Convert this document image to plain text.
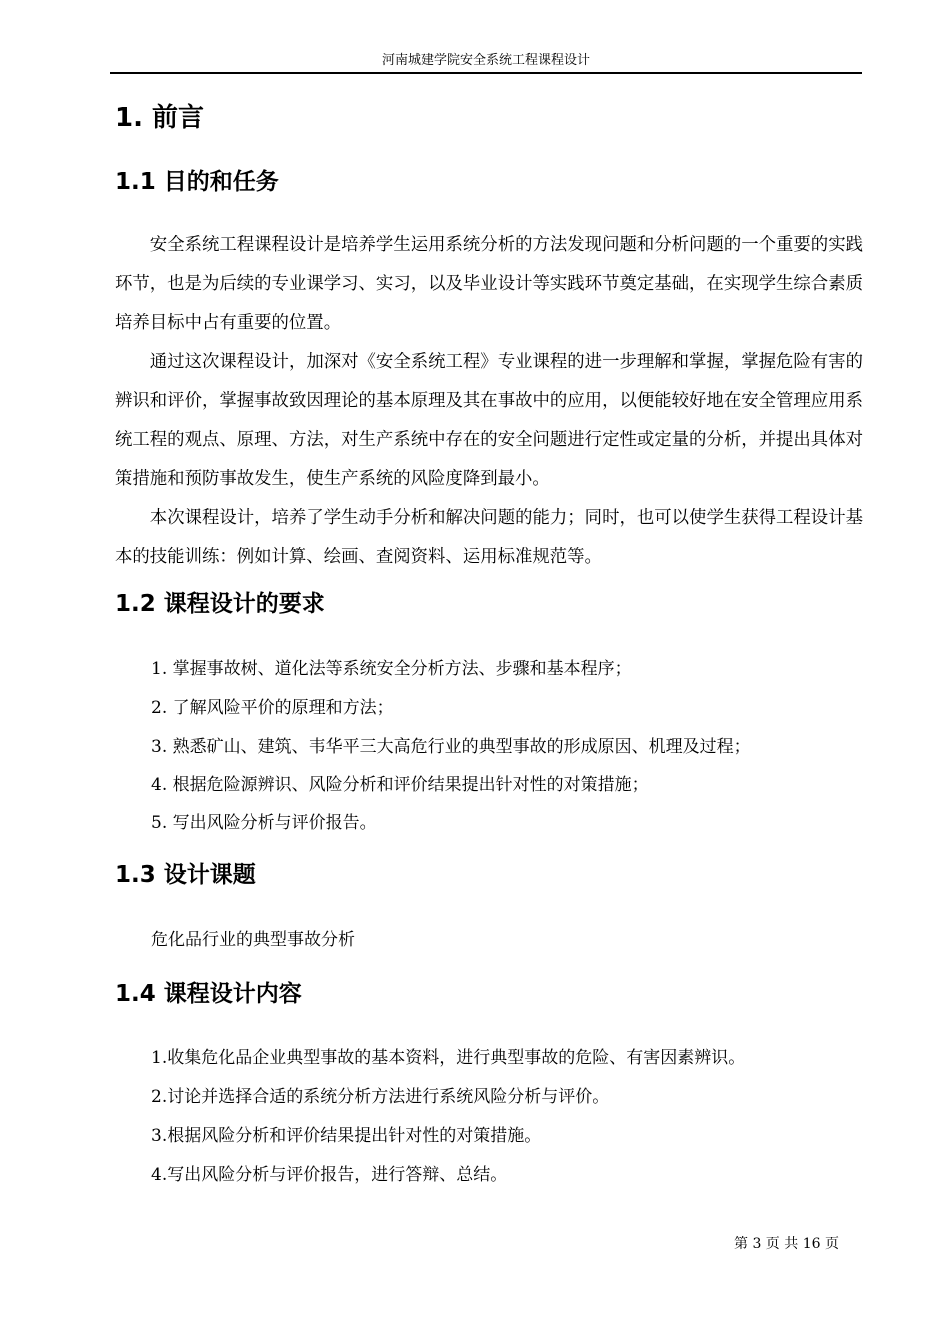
河南城建学院安全系统工程课程设计
1. 前言
1.1 目的和任务

安全系统工程课程设计是培养学生运用系统分析的方法发现问题和分析问题的一个重要的实践环节，也是为后续的专业课学习、实习，以及毕业设计等实践环节奠定基础，在实现学生综合素质培养目标中占有重要的位置。

通过这次课程设计，加深对《安全系统工程》专业课程的进一步理解和掌握，掌握危险有害的辨识和评价，掌握事故致因理论的基本原理及其在事故中的应用，以便能较好地在安全管理应用系统工程的观点、原理、方法，对生产系统中存在的安全问题进行定性或定量的分析，并提出具体对策措施和预防事故发生，使生产系统的风险度降到最小。

本次课程设计，培养了学生动手分析和解决问题的能力；同时，也可以使学生获得工程设计基本的技能训练：例如计算、绘画、查阅资料、运用标准规范等。

1.2 课程设计的要求

1. 掌握事故树、道化法等系统安全分析方法、步骤和基本程序；

2. 了解风险平价的原理和方法；

3. 熟悉矿山、建筑、韦华平三大高危行业的典型事故的形成原因、机理及过程；

4. 根据危险源辨识、风险分析和评价结果提出针对性的对策措施；

5. 写出风险分析与评价报告。

1.3 设计课题

危化品行业的典型事故分析

1.4 课程设计内容

1.收集危化品企业典型事故的基本资料，进行典型事故的危险、有害因素辨识。

2.讨论并选择合适的系统分析方法进行系统风险分析与评价。

3.根据风险分析和评价结果提出针对性的对策措施。

4.写出风险分析与评价报告，进行答辩、总结。

第 3 页 共 16 页
